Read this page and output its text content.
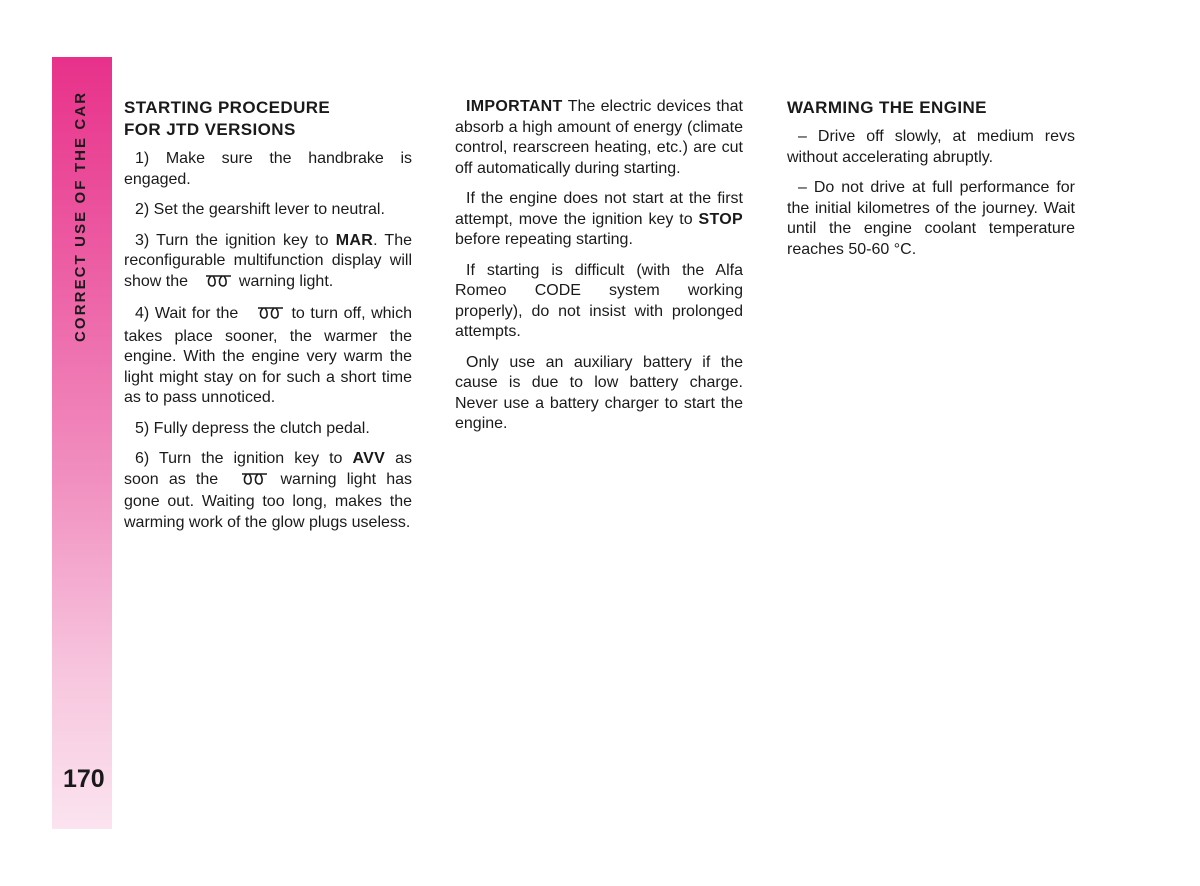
CORRECT USE OF THE CAR
170
STARTING PROCEDURE
FOR JTD VERSIONS

1) Make sure the handbrake is engaged.

2) Set the gearshift lever to neutral.

3) Turn the ignition key to MAR. The reconfigurable multifunction display will show the	warning light.

4) Wait for the	to turn off, which takes place sooner, the warmer the engine. With the engine very warm the light might stay on for such a short time as to pass unnoticed.

5) Fully depress the clutch pedal.

6) Turn the ignition key to AVV as soon as the	warning light has gone out. Waiting too long, makes the warming work of the glow plugs useless.

IMPORTANT The electric devices that absorb a high amount of energy (climate control, rearscreen heating, etc.) are cut off automatically during starting.

If the engine does not start at the first attempt, move the ignition key to STOP before repeating starting.

If starting is difficult (with the Alfa Romeo CODE system working properly), do not insist with prolonged attempts.

Only use an auxiliary battery if the cause is due to low battery charge. Never use a battery charger to start the engine.

WARMING THE ENGINE

– Drive off slowly, at medium revs without accelerating abruptly.

– Do not drive at full performance for the initial kilometres of the journey. Wait until the engine coolant temperature reaches 50-60 °C.
